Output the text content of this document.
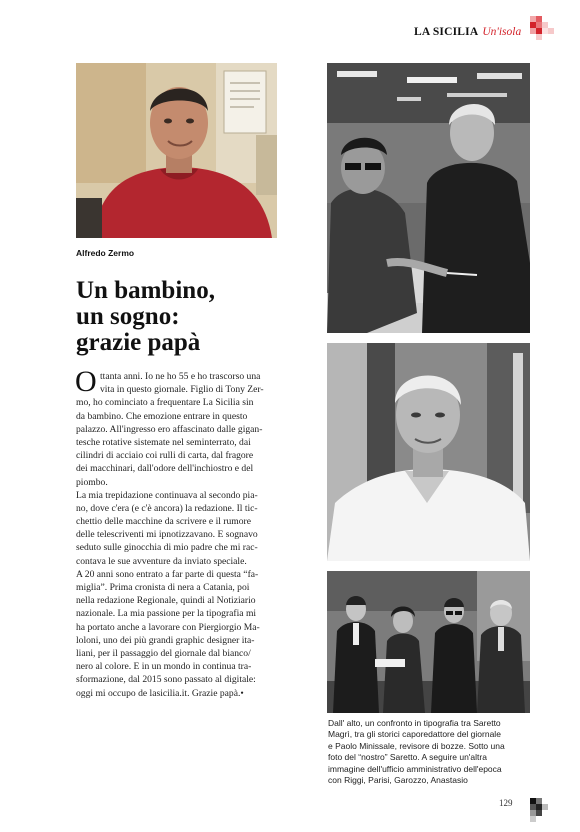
LA SICILIA Un'isola
Alfredo Zermo
Un bambino,
un sogno:
grazie papà
O ttanta anni. Io ne ho 55 e ho trascorso una
vita in questo giornale. Figlio di Tony Zer-
mo, ho cominciato a frequentare La Sicilia sin
da bambino. Che emozione entrare in questo
palazzo. All'ingresso ero affascinato dalle gigan-
tesche rotative sistemate nel seminterrato, dai
cilindri di acciaio coi rulli di carta, dal fragore
dei macchinari, dall'odore dell'inchiostro e del
piombo.
La mia trepidazione continuava al secondo pia-
no, dove c'era (e c'è ancora) la redazione. Il tic-
chettio delle macchine da scrivere e il rumore
delle telescriventi mi ipnotizzavano. E sognavo
seduto sulle ginocchia di mio padre che mi rac-
contava le sue avventure da inviato speciale.
A 20 anni sono entrato a far parte di questa “fa-
miglia”. Prima cronista di nera a Catania, poi
nella redazione Regionale, quindi al Notiziario
nazionale. La mia passione per la tipografia mi
ha portato anche a lavorare con Piergiorgio Ma-
loloni, uno dei più grandi graphic designer ita-
liani, per il passaggio del giornale dal bianco/
nero al colore. E in un mondo in continua tra-
sformazione, dal 2015 sono passato al digitale:
oggi mi occupo de lasicilia.it. Grazie papà.•
Dall' alto, un confronto in tipografia tra Saretto
Magrì, tra gli storici caporedattore del giornale
e Paolo Minissale, revisore di bozze. Sotto una
foto del “nostro” Saretto. A seguire un'altra
immagine dell'ufficio amministrativo dell'epoca
con Riggi, Parisi, Garozzo, Anastasio
129
